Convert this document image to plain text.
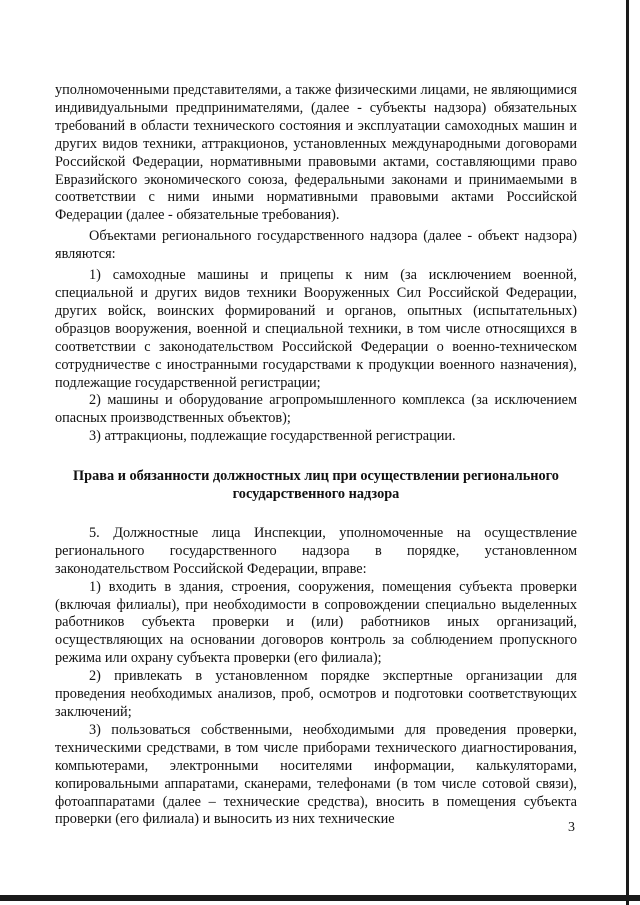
уполномоченными представителями, а также физическими лицами, не являющимися индивидуальными предпринимателями, (далее - субъекты надзора) обязательных требований в области технического состояния и эксплуатации самоходных машин и других видов техники, аттракционов, установленных международными договорами Российской Федерации, нормативными правовыми актами, составляющими право Евразийского экономического союза, федеральными законами и принимаемыми в соответствии с ними иными нормативными правовыми актами Российской Федерации (далее - обязательные требования).

Объектами регионального государственного надзора (далее - объект надзора) являются:

1) самоходные машины и прицепы к ним (за исключением военной, специальной и других видов техники Вооруженных Сил Российской Федерации, других войск, воинских формирований и органов, опытных (испытательных) образцов вооружения, военной и специальной техники, в том числе относящихся в соответствии с законодательством Российской Федерации о военно-техническом сотрудничестве с иностранными государствами к продукции военного назначения), подлежащие государственной регистрации;

2) машины и оборудование агропромышленного комплекса (за исключением опасных производственных объектов);

3) аттракционы, подлежащие государственной регистрации.

Права и обязанности должностных лиц при осуществлении регионального государственного надзора

5. Должностные лица Инспекции, уполномоченные на осуществление регионального государственного надзора в порядке, установленном законодательством Российской Федерации, вправе:

1) входить в здания, строения, сооружения, помещения субъекта проверки (включая филиалы), при необходимости в сопровождении специально выделенных работников субъекта проверки и (или) работников иных организаций, осуществляющих на основании договоров контроль за соблюдением пропускного режима или охрану субъекта проверки (его филиала);

2) привлекать в установленном порядке экспертные организации для проведения необходимых анализов, проб, осмотров и подготовки соответствующих заключений;

3) пользоваться собственными, необходимыми для проведения проверки, техническими средствами, в том числе приборами технического диагностирования, компьютерами, электронными носителями информации, калькуляторами, копировальными аппаратами, сканерами, телефонами (в том числе сотовой связи), фотоаппаратами (далее – технические средства), вносить в помещения субъекта проверки (его филиала) и выносить из них технические

3
